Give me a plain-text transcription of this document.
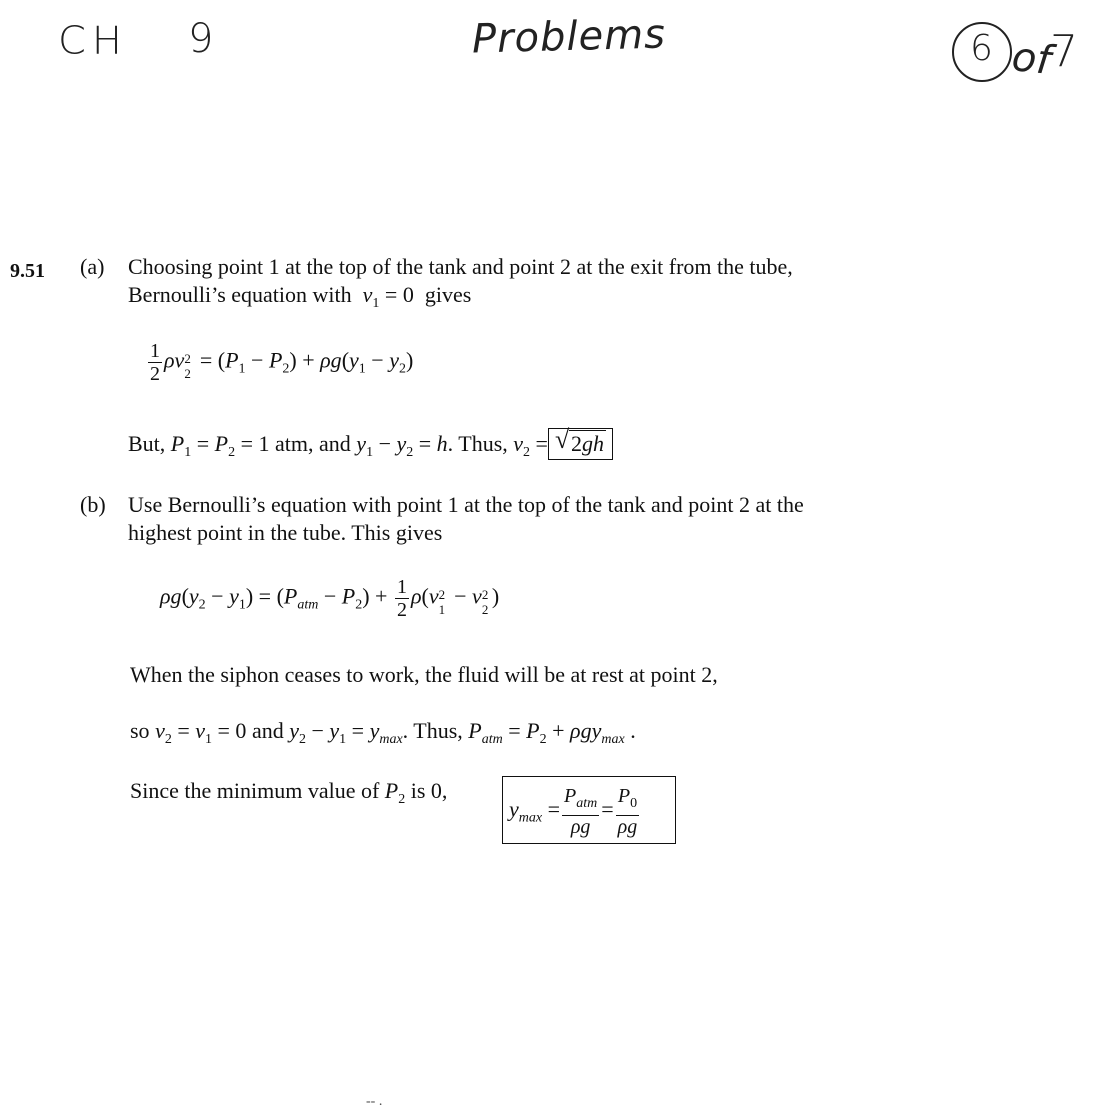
CH 9	Problems	6 of
7
9.51 (a) Choosing point 1 at the top of the tank and point 2 at the exit from the tube,
Bernoulli’s equation with  $v_1 = 0$  gives
$\frac{1}{2}$ ρv 2
2
= $(P_1 - P_2) + \rho g(y_1 - y_2)$
But, $P_1 = P_2 = 1$ atm, and $y_1 - y_2 = h$. Thus, $v_2$ = √ 2gh
(b) Use Bernoulli’s equation with point 1 at the top of the tank and point 2 at the
highest point in the tube. This gives
$\rho g(y_2 - y_1) = (P_{atm} - P_2) + \frac{1}{2} \rho(v$ 2
1
− v 2
2
)
When the siphon ceases to work, the fluid will be at rest at point 2,
so $v_2 = v_1 = 0$ and $y_2 - y_1 = y_{max}$. Thus, $P_{atm} = P_2 + \rho gy_{max}$ .
Since the minimum value of $P_2$ is 0,
$y_{max} = \frac{P_{atm}}{\rho g} = \frac{P_0}{\rho g}$
-- .
